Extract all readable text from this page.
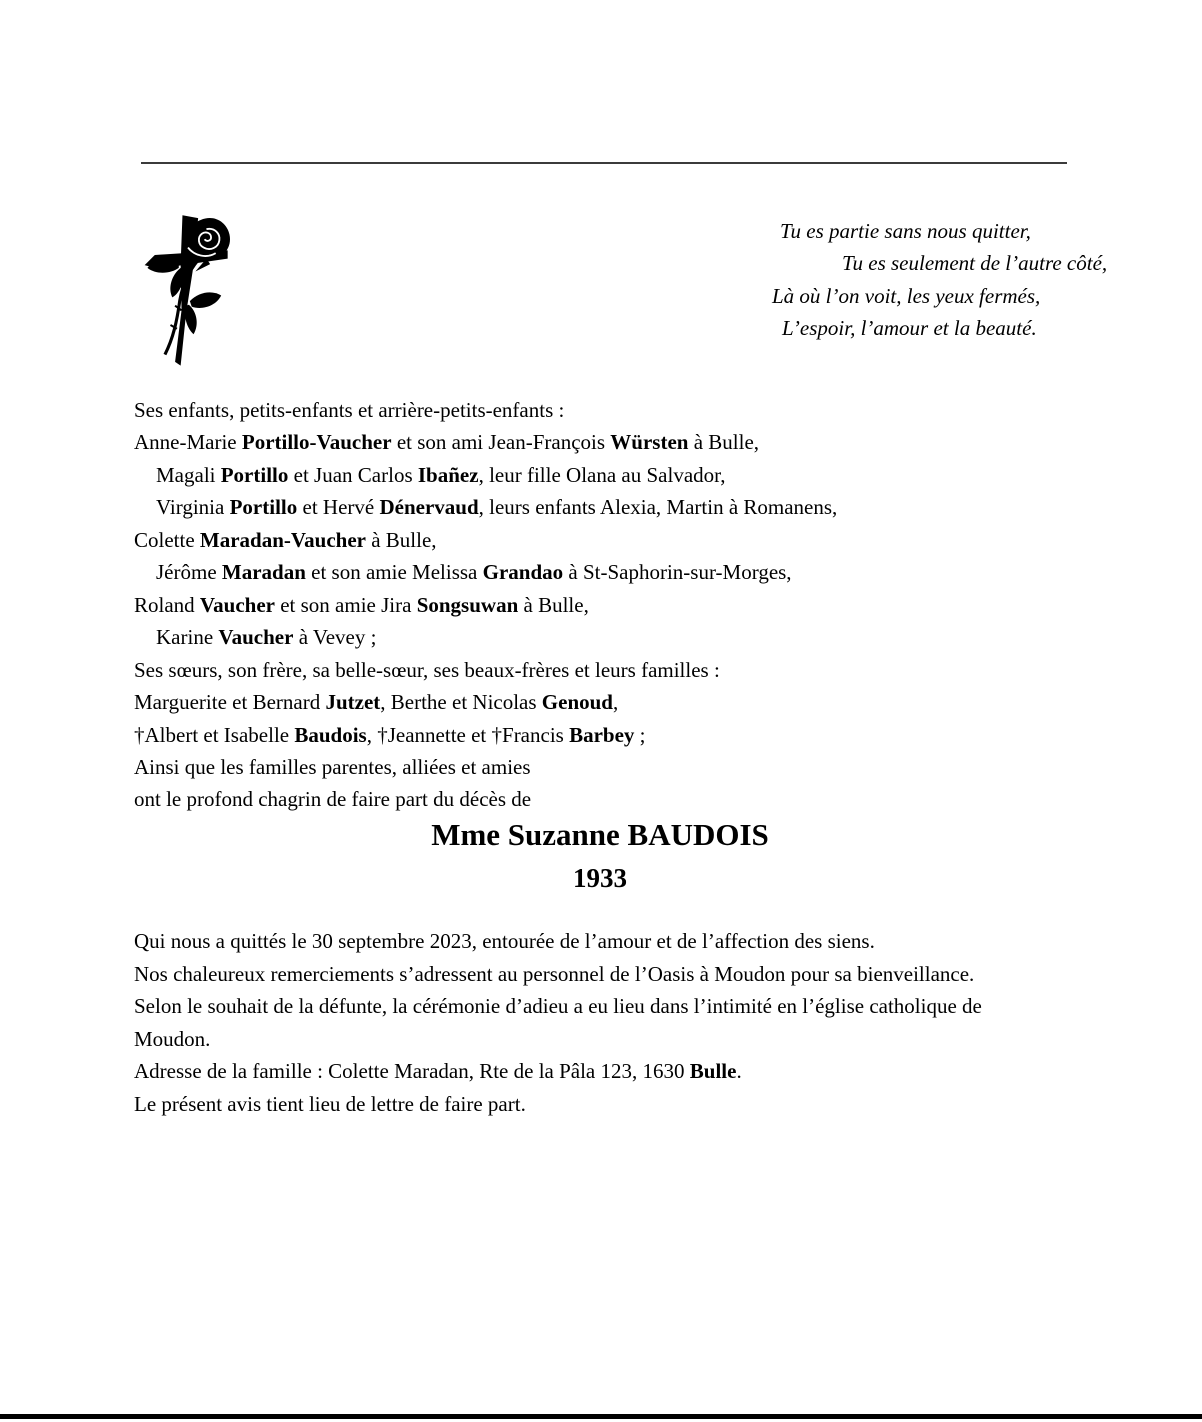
Tu es partie sans nous quitter,
Tu es seulement de l’autre côté,
Là où l’on voit, les yeux fermés,
L’espoir, l’amour et la beauté.
Ses enfants, petits-enfants et arrière-petits-enfants :
Anne-Marie Portillo-Vaucher et son ami Jean-François Würsten à Bulle,
Magali Portillo et Juan Carlos Ibañez, leur fille Olana au Salvador,
Virginia Portillo et Hervé Dénervaud, leurs enfants Alexia, Martin à Romanens,
Colette Maradan-Vaucher à Bulle,
Jérôme Maradan et son amie Melissa Grandao à St-Saphorin-sur-Morges,
Roland Vaucher et son amie Jira Songsuwan à Bulle,
Karine Vaucher à Vevey ;
Ses sœurs, son frère, sa belle-sœur, ses beaux-frères et leurs familles :
Marguerite et Bernard Jutzet, Berthe et Nicolas Genoud,
†Albert et Isabelle Baudois, †Jeannette et †Francis Barbey ;
Ainsi que les familles parentes, alliées et amies
ont le profond chagrin de faire part du décès de
Mme Suzanne BAUDOIS
1933
Qui nous a quittés le 30 septembre 2023, entourée de l’amour et de l’affection des siens.
Nos chaleureux remerciements s’adressent au personnel de l’Oasis à Moudon pour sa bienveillance.
Selon le souhait de la défunte, la cérémonie d’adieu a eu lieu dans l’intimité en l’église catholique de
Moudon.
Adresse de la famille : Colette Maradan, Rte de la Pâla 123, 1630 Bulle.
Le présent avis tient lieu de lettre de faire part.
